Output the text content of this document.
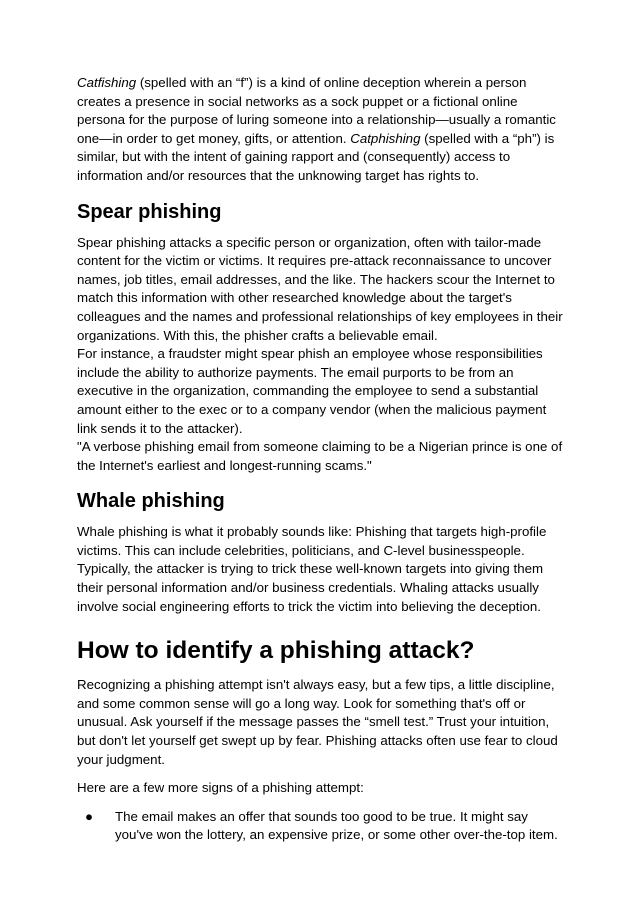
Catfishing (spelled with an “f”) is a kind of online deception wherein a person creates a presence in social networks as a sock puppet or a fictional online persona for the purpose of luring someone into a relationship—usually a romantic one—in order to get money, gifts, or attention. Catphishing (spelled with a “ph”) is similar, but with the intent of gaining rapport and (consequently) access to information and/or resources that the unknowing target has rights to.

Spear phishing

Spear phishing attacks a specific person or organization, often with tailor-made content for the victim or victims. It requires pre-attack reconnaissance to uncover names, job titles, email addresses, and the like. The hackers scour the Internet to match this information with other researched knowledge about the target's colleagues and the names and professional relationships of key employees in their organizations. With this, the phisher crafts a believable email.

For instance, a fraudster might spear phish an employee whose responsibilities include the ability to authorize payments. The email purports to be from an executive in the organization, commanding the employee to send a substantial amount either to the exec or to a company vendor (when the malicious payment link sends it to the attacker).

"A verbose phishing email from someone claiming to be a Nigerian prince is one of the Internet's earliest and longest-running scams."

Whale phishing

Whale phishing is what it probably sounds like: Phishing that targets high-profile victims. This can include celebrities, politicians, and C-level businesspeople. Typically, the attacker is trying to trick these well-known targets into giving them their personal information and/or business credentials. Whaling attacks usually involve social engineering efforts to trick the victim into believing the deception.

How to identify a phishing attack?

Recognizing a phishing attempt isn't always easy, but a few tips, a little discipline, and some common sense will go a long way. Look for something that's off or unusual. Ask yourself if the message passes the “smell test.” Trust your intuition, but don't let yourself get swept up by fear. Phishing attacks often use fear to cloud your judgment.

Here are a few more signs of a phishing attempt:

● The email makes an offer that sounds too good to be true. It might say you've won the lottery, an expensive prize, or some other over-the-top item.
